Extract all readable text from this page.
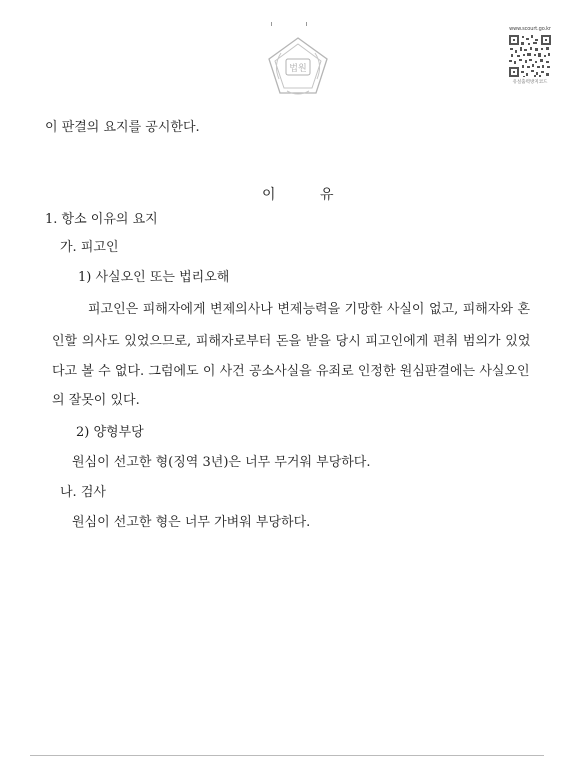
법원
www.scourt.go.kr
유실출력방지코드
이 판결의 요지를 공시한다.
이	유
1. 항소 이유의 요지
가. 피고인
1) 사실오인 또는 법리오해
피고인은 피해자에게 변제의사나 변제능력을 기망한 사실이 없고, 피해자와 혼
인할 의사도 있었으므로, 피해자로부터 돈을 받을 당시 피고인에게 편취 범의가 있었
다고 볼 수 없다. 그럼에도 이 사건 공소사실을 유죄로 인정한 원심판결에는 사실오인
의 잘못이 있다.
2) 양형부당
원심이 선고한 형(징역 3년)은 너무 무거워 부당하다.
나. 검사
원심이 선고한 형은 너무 가벼워 부당하다.
